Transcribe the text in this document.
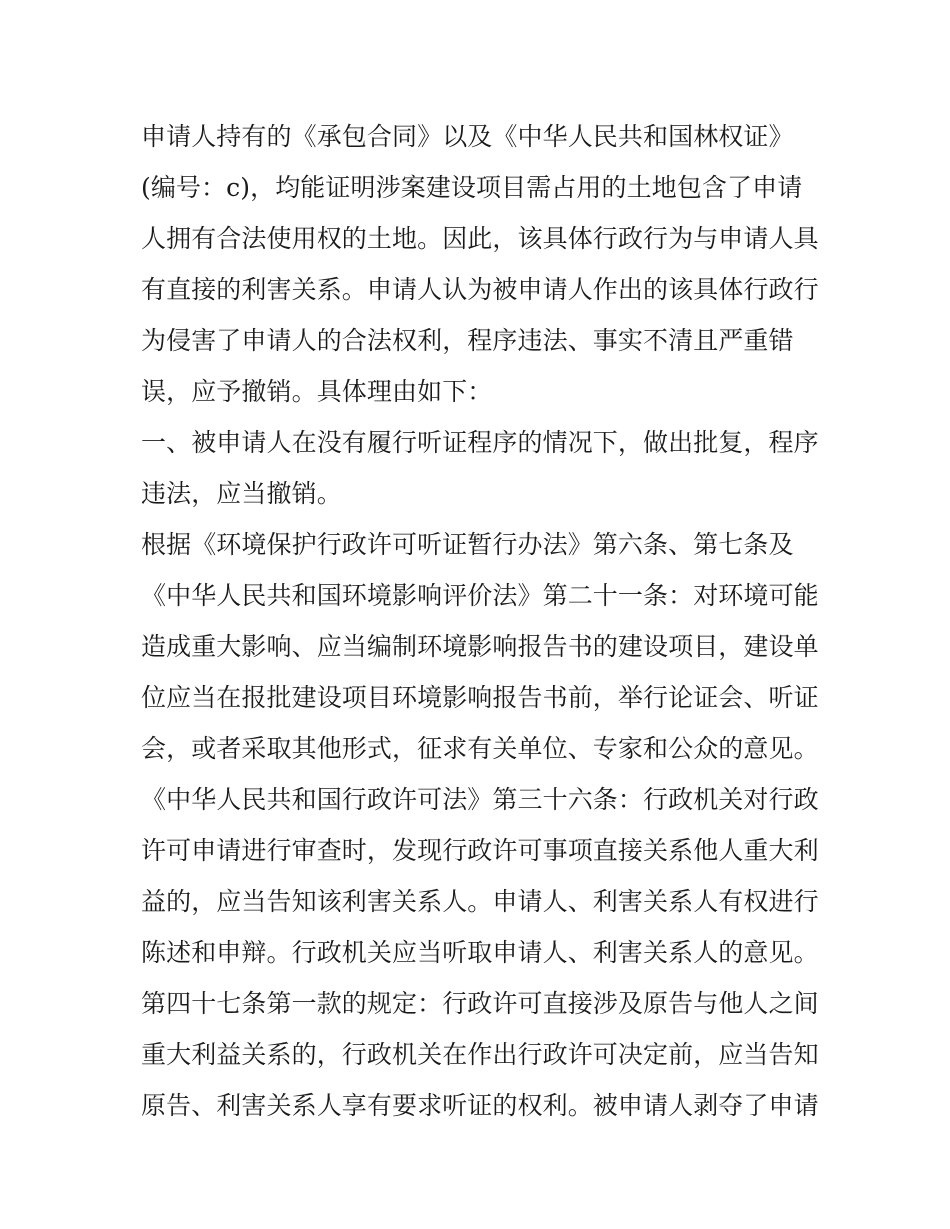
申请人持有的《承包合同》以及《中华人民共和国林权证》
(编号：c)，均能证明涉案建设项目需占用的土地包含了申请
人拥有合法使用权的土地。因此，该具体行政行为与申请人具
有直接的利害关系。申请人认为被申请人作出的该具体行政行
为侵害了申请人的合法权利，程序违法、事实不清且严重错
误，应予撤销。具体理由如下：
一、被申请人在没有履行听证程序的情况下，做出批复，程序
违法，应当撤销。
根据《环境保护行政许可听证暂行办法》第六条、第七条及
《中华人民共和国环境影响评价法》第二十一条：对环境可能
造成重大影响、应当编制环境影响报告书的建设项目，建设单
位应当在报批建设项目环境影响报告书前，举行论证会、听证
会，或者采取其他形式，征求有关单位、专家和公众的意见。
《中华人民共和国行政许可法》第三十六条：行政机关对行政
许可申请进行审查时，发现行政许可事项直接关系他人重大利
益的，应当告知该利害关系人。申请人、利害关系人有权进行
陈述和申辩。行政机关应当听取申请人、利害关系人的意见。
第四十七条第一款的规定：行政许可直接涉及原告与他人之间
重大利益关系的，行政机关在作出行政许可决定前，应当告知
原告、利害关系人享有要求听证的权利。被申请人剥夺了申请
